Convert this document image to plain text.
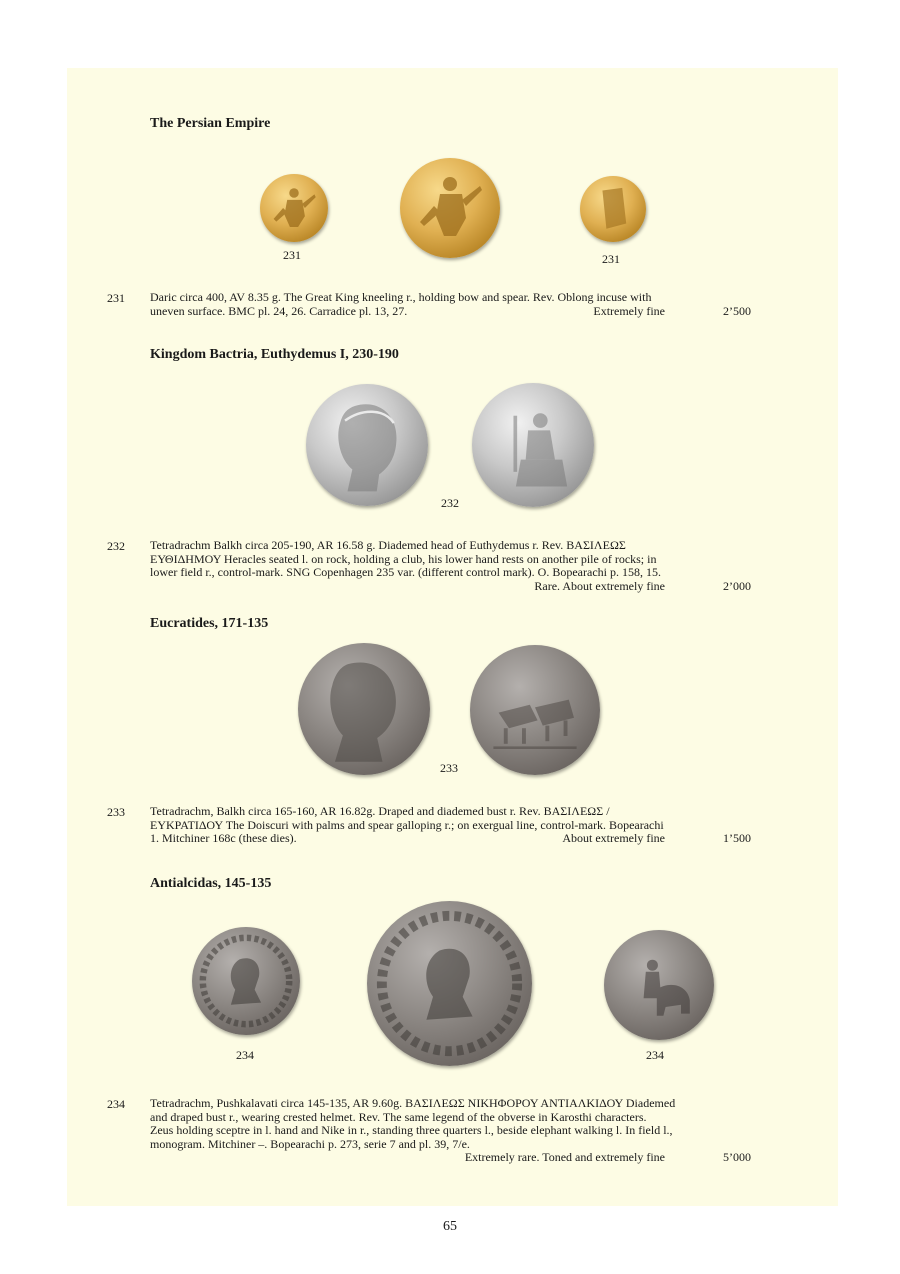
The Persian Empire
231	231
231 Daric circa 400, AV 8.35 g. The Great King kneeling r., holding bow and spear. Rev. Oblong incuse with
uneven surface. BMC pl. 24, 26. Carradice pl. 13, 27.	Extremely fine	2’500
Kingdom Bactria, Euthydemus I, 230-190
232
232 Tetradrachm Balkh circa 205-190, AR 16.58 g. Diademed head of Euthydemus r. Rev. ΒΑΣΙΛΕΩΣ
ΕΥΘΙΔΗΜΟΥ Heracles seated l. on rock, holding a club, his lower hand rests on another pile of rocks; in
lower field r., control-mark. SNG Copenhagen 235 var. (different control mark). O. Bopearachi p. 158, 15.
Rare. About extremely fine	2’000
Eucratides, 171-135
233
233 Tetradrachm, Balkh circa 165-160, AR 16.82g. Draped and diademed bust r. Rev. ΒΑΣΙΛΕΩΣ /
ΕΥΚΡΑΤΙΔΟΥ The Doiscuri with palms and spear galloping r.; on exergual line, control-mark. Bopearachi
1. Mitchiner 168c (these dies).	About extremely fine	1’500
Antialcidas, 145-135
234	234
234 Tetradrachm, Pushkalavati circa 145-135, AR 9.60g. ΒΑΣΙΛΕΩΣ ΝΙΚΗΦΟΡΟΥ ΑΝΤΙΑΛΚΙΔΟΥ Diademed
and draped bust r., wearing crested helmet. Rev. The same legend of the obverse in Karosthi characters.
Zeus holding sceptre in l. hand and Nike in r., standing three quarters l., beside elephant walking l. In field l.,
monogram. Mitchiner –. Bopearachi p. 273, serie 7 and pl. 39, 7/e.
Extremely rare. Toned and extremely fine	5’000
65
